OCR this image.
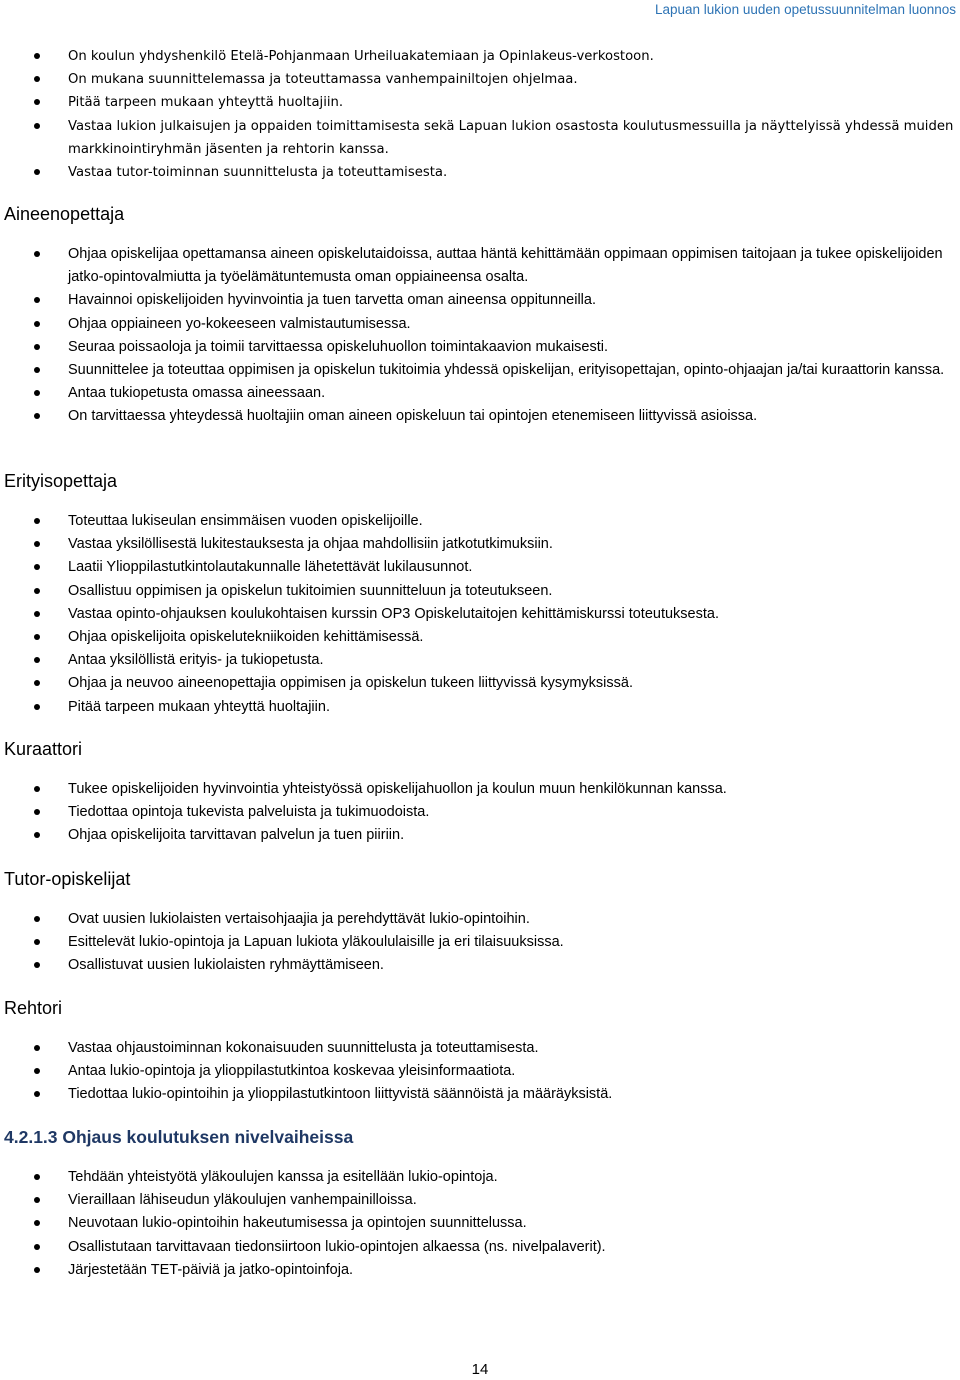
Lapuan lukion uuden opetussuunnitelman luonnos
On koulun yhdyshenkilö Etelä-Pohjanmaan Urheiluakatemiaan ja Opinlakeus-verkostoon.
On mukana suunnittelemassa ja toteuttamassa vanhempainiltojen ohjelmaa.
Pitää tarpeen mukaan yhteyttä huoltajiin.
Vastaa lukion julkaisujen ja oppaiden toimittamisesta sekä Lapuan lukion osastosta koulutusmessuilla ja näyttelyissä yhdessä muiden markkinointiryhmän jäsenten ja rehtorin kanssa.
Vastaa tutor-toiminnan suunnittelusta ja toteuttamisesta.
Aineenopettaja
Ohjaa opiskelijaa opettamansa aineen opiskelutaidoissa, auttaa häntä kehittämään oppimaan oppimisen taitojaan ja tukee opiskelijoiden jatko-opintovalmiutta ja työelämätuntemusta oman oppiaineensa osalta.
Havainnoi opiskelijoiden hyvinvointia ja tuen tarvetta oman aineensa oppitunneilla.
Ohjaa oppiaineen yo-kokeeseen valmistautumisessa.
Seuraa poissaoloja ja toimii tarvittaessa opiskeluhuollon toimintakaavion mukaisesti.
Suunnittelee ja toteuttaa oppimisen ja opiskelun tukitoimia yhdessä opiskelijan, erityisopettajan, opinto-ohjaajan ja/tai kuraattorin kanssa.
Antaa tukiopetusta omassa aineessaan.
On tarvittaessa yhteydessä huoltajiin oman aineen opiskeluun tai opintojen etenemiseen liittyvissä asioissa.
Erityisopettaja
Toteuttaa lukiseulan ensimmäisen vuoden opiskelijoille.
Vastaa yksilöllisestä lukitestauksesta ja ohjaa mahdollisiin jatkotutkimuksiin.
Laatii Ylioppilastutkintolautakunnalle lähetettävät lukilausunnot.
Osallistuu oppimisen ja opiskelun tukitoimien suunnitteluun ja toteutukseen.
Vastaa opinto-ohjauksen koulukohtaisen kurssin OP3 Opiskelutaitojen kehittämiskurssi toteutuksesta.
Ohjaa opiskelijoita opiskelutekniikoiden kehittämisessä.
Antaa yksilöllistä erityis- ja tukiopetusta.
Ohjaa ja neuvoo aineenopettajia oppimisen ja opiskelun tukeen liittyvissä kysymyksissä.
Pitää tarpeen mukaan yhteyttä huoltajiin.
Kuraattori
Tukee opiskelijoiden hyvinvointia yhteistyössä opiskelijahuollon ja koulun muun henkilökunnan kanssa.
Tiedottaa opintoja tukevista palveluista ja tukimuodoista.
Ohjaa opiskelijoita tarvittavan palvelun ja tuen piiriin.
Tutor-opiskelijat
Ovat uusien lukiolaisten vertaisohjaajia ja perehdyttävät lukio-opintoihin.
Esittelevät lukio-opintoja ja Lapuan lukiota yläkoululaisille ja eri tilaisuuksissa.
Osallistuvat uusien lukiolaisten ryhmäyttämiseen.
Rehtori
Vastaa ohjaustoiminnan kokonaisuuden suunnittelusta ja toteuttamisesta.
Antaa lukio-opintoja ja ylioppilastutkintoa koskevaa yleisinformaatiota.
Tiedottaa lukio-opintoihin ja ylioppilastutkintoon liittyvistä säännöistä ja määräyksistä.
4.2.1.3 Ohjaus koulutuksen nivelvaiheissa
Tehdään yhteistyötä yläkoulujen kanssa ja esitellään lukio-opintoja.
Vieraillaan lähiseudun yläkoulujen vanhempainilloissa.
Neuvotaan lukio-opintoihin hakeutumisessa ja opintojen suunnittelussa.
Osallistutaan tarvittavaan tiedonsiirtoon lukio-opintojen alkaessa (ns. nivelpalaverit).
Järjestetään TET-päiviä ja jatko-opintoinfoja.
14
